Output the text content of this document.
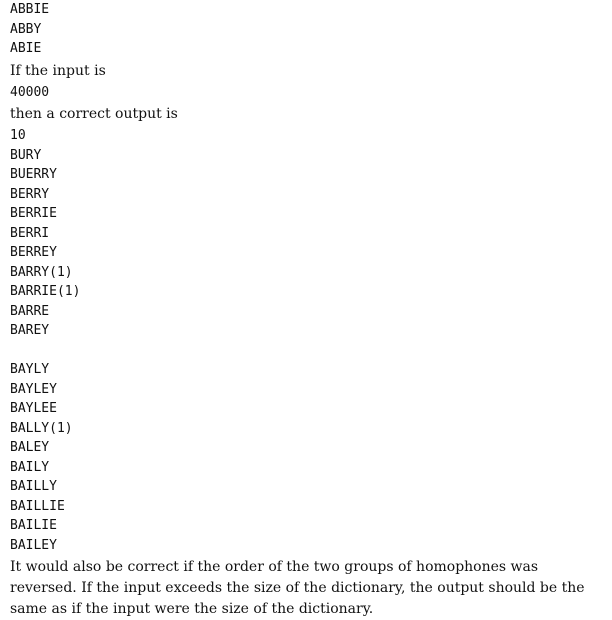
ABBIE
ABBY
ABIE
If the input is
40000
then a correct output is
10
BURY
BUERRY
BERRY
BERRIE
BERRI
BERREY
BARRY(1)
BARRIE(1)
BARRE
BAREY
BAYLY
BAYLEY
BAYLEE
BALLY(1)
BALEY
BAILY
BAILLY
BAILLIE
BAILIE
BAILEY
It would also be correct if the order of the two groups of homophones was reversed. If the input exceeds the size of the dictionary, the output should be the same as if the input were the size of the dictionary.
